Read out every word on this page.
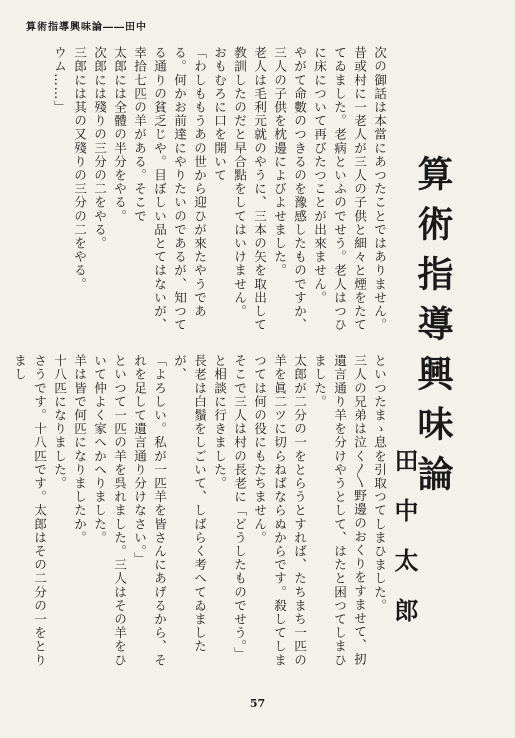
算術指導興味論――田中
算術指導興味論
田中太郎

次の御話は本當にあつたことではありません。

昔或村に一老人が三人の子供と細々と煙をたててゐました。老病といふのでせう。老人はつひに床について再びたつことが出來ません。

やがて命數のつきるのを豫感したものですか、三人の子供を枕邊によびよせました。

老人は毛利元就のやうに、三本の矢を取出して教訓したのだと早合點をしてはいけません。

おもむろに口を開いて

「わしももうあの世から迎ひが來たやうである。何かお前達にやりたいのであるが、知つてる通りの貧乏じや。目ぼしい品とてはないが、幸拾七匹の羊がある。そこで

太郎には全體の半分をやる。

次郎には殘りの三分の二をやる。

三郎には其の又殘りの三分の二をやる。

ウム……」

といつたまゝ息を引取つてしまひました。

三人の兄弟は泣く〳〵野邊のおくりをすませて、扨遺言通り羊を分けやうとして、はたと困つてしまひました。

太郎が二分の一をとらうとすれば、たちまち一匹の羊を眞二ツに切らねばならぬからです。殺してしまつては何の役にもたちません。

そこで三人は村の長老に「どうしたものでせう。」と相談に行きました。

長老は白鬚をしごいて、しばらく考へてゐましたが、

「よろしい。私が一匹羊を皆さんにあげるから、それを足して遺言通り分けなさい。」

といつて一匹の羊を呉れました。三人はその羊をひいて仲よく家へかへりました。

羊は皆で何匹になりましたか。

十八匹になりました。

さうです。十八匹です。太郎はその二分の一をとりまし

57
